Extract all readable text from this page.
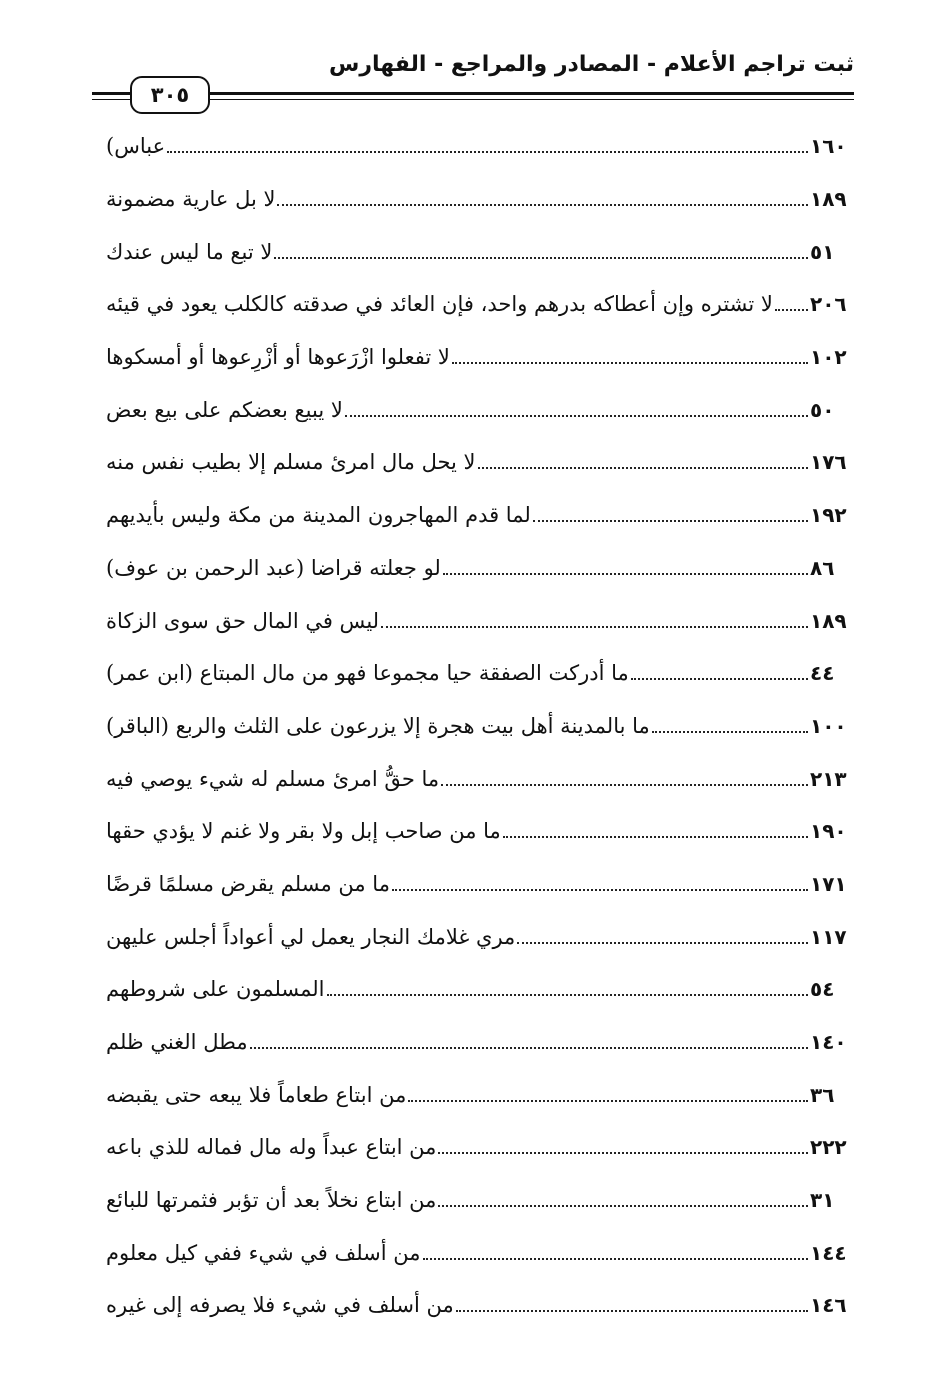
ثبت تراجم الأعلام - المصادر والمراجع - الفهارس
٣٠٥
عباس)	١٦٠
لا بل عارية مضمونة	١٨٩
لا تبع ما ليس عندك	٥١
لا تشتره وإن أعطاكه بدرهم واحد، فإن العائد في صدقته كالكلب يعود في قيئه ٢٠٦
لا تفعلوا ازْرَعوها أو أزْرِعوها أو أمسكوها	١٠٢
لا يبيع بعضكم على بيع بعض	٥٠
لا يحل مال امرئ مسلم إلا بطيب نفس منه	١٧٦
لما قدم المهاجرون المدينة من مكة وليس بأيديهم	١٩٢
لو جعلته قراضا (عبد الرحمن بن عوف)	٨٦
ليس في المال حق سوى الزكاة	١٨٩
ما أدركت الصفقة حيا مجموعا فهو من مال المبتاع (ابن عمر)	٤٤
ما بالمدينة أهل بيت هجرة إلا يزرعون على الثلث والربع (الباقر)	١٠٠
ما حقُّ امرئ مسلم له شيء يوصي فيه	٢١٣
ما من صاحب إبل ولا بقر ولا غنم لا يؤدي حقها	١٩٠
ما من مسلم يقرض مسلمًا قرضًا	١٧١
مري غلامك النجار يعمل لي أعواداً أجلس عليهن	١١٧
المسلمون على شروطهم	٥٤
مطل الغني ظلم	١٤٠
من ابتاع طعاماً فلا يبعه حتى يقبضه	٣٦
من ابتاع عبداً وله مال فماله للذي باعه	٢٢٢
من ابتاع نخلاً بعد أن تؤبر فثمرتها للبائع	٣١
من أسلف في شيء ففي كيل معلوم	١٤٤
من أسلف في شيء فلا يصرفه إلى غيره	١٤٦
